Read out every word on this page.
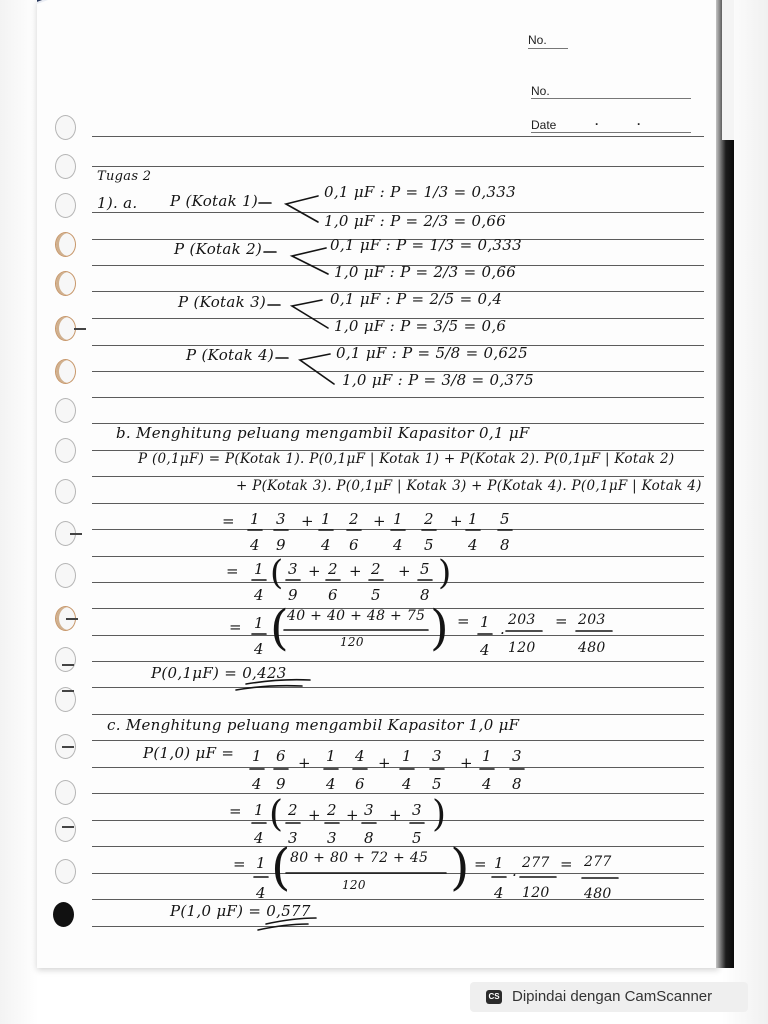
No.
No.
Date	.	.
Tugas 2
1). a. P (Kotak 1)	0,1 μF : P = 1/3 = 0,333
1,0 μF : P = 2/3 = 0,66
P (Kotak 2)	0,1 μF : P = 1/3 = 0,333
1,0 μF : P = 2/3 = 0,66
P (Kotak 3)	0,1 μF : P = 2/5 = 0,4
1,0 μF : P = 3/5 = 0,6
P (Kotak 4)	0,1 μF : P = 5/8 = 0,625
1,0 μF : P = 3/8 = 0,375
b. Menghitung peluang mengambil Kapasitor 0,1 μF
P (0,1μF) = P(Kotak 1). P(0,1μF | Kotak 1) + P(Kotak 2). P(0,1μF | Kotak 2)
+ P(Kotak 3). P(0,1μF | Kotak 3) + P(Kotak 4). P(0,1μF | Kotak 4)
= 1
4
3
9
+ 1
4
2
6
+ 1
4
2
5
+ 1
4
5
8
= 1
4
( 3
9
+ 2
6
+ 2
5
+ 5
8
)
= 1
4 (
40 + 40 + 48 + 75
120 ) = 1
4
. 203
120
= 203
480
P(0,1μF) = 0,423
c. Menghitung peluang mengambil Kapasitor 1,0 μF
P(1,0) μF = 1
4
6
9
+ 1
4
4
6
+ 1
4
3
5
+ 1
4
3
8
= 1
4
( 2
3
+ 2
3
+ 3
8
+ 3
5
)
= 1
4 ( 80 + 80 + 72 + 45
120 ) = 1
4
. 277
120
= 277
480
P(1,0 μF) = 0,577
CS Dipindai dengan CamScanner
